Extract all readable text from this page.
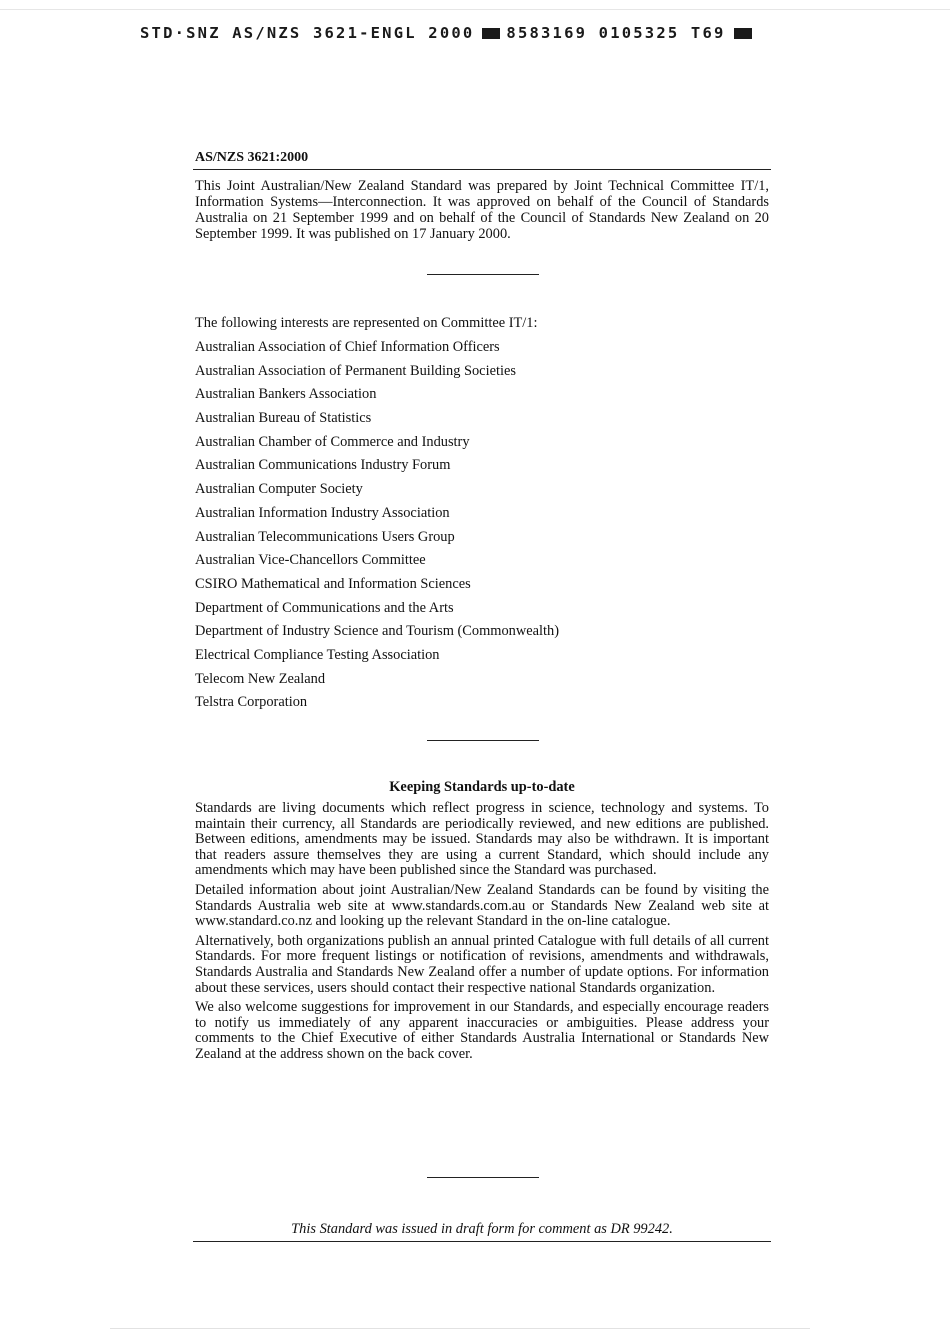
STD·SNZ AS/NZS 3621-ENGL 2000 8583169 0105325 T69
AS/NZS 3621:2000
This Joint Australian/New Zealand Standard was prepared by Joint Technical Committee IT/1, Information Systems—Interconnection. It was approved on behalf of the Council of Standards Australia on 21 September 1999 and on behalf of the Council of Standards New Zealand on 20 September 1999. It was published on 17 January 2000.
The following interests are represented on Committee IT/1:
Australian Association of Chief Information Officers
Australian Association of Permanent Building Societies
Australian Bankers Association
Australian Bureau of Statistics
Australian Chamber of Commerce and Industry
Australian Communications Industry Forum
Australian Computer Society
Australian Information Industry Association
Australian Telecommunications Users Group
Australian Vice-Chancellors Committee
CSIRO Mathematical and Information Sciences
Department of Communications and the Arts
Department of Industry Science and Tourism (Commonwealth)
Electrical Compliance Testing Association
Telecom New Zealand
Telstra Corporation
Keeping Standards up-to-date

Standards are living documents which reflect progress in science, technology and systems. To maintain their currency, all Standards are periodically reviewed, and new editions are published. Between editions, amendments may be issued. Standards may also be withdrawn. It is important that readers assure themselves they are using a current Standard, which should include any amendments which may have been published since the Standard was purchased.

Detailed information about joint Australian/New Zealand Standards can be found by visiting the Standards Australia web site at www.standards.com.au or Standards New Zealand web site at www.standard.co.nz and looking up the relevant Standard in the on-line catalogue.

Alternatively, both organizations publish an annual printed Catalogue with full details of all current Standards. For more frequent listings or notification of revisions, amendments and withdrawals, Standards Australia and Standards New Zealand offer a number of update options. For information about these services, users should contact their respective national Standards organization.

We also welcome suggestions for improvement in our Standards, and especially encourage readers to notify us immediately of any apparent inaccuracies or ambiguities. Please address your comments to the Chief Executive of either Standards Australia International or Standards New Zealand at the address shown on the back cover.

This Standard was issued in draft form for comment as DR 99242.
